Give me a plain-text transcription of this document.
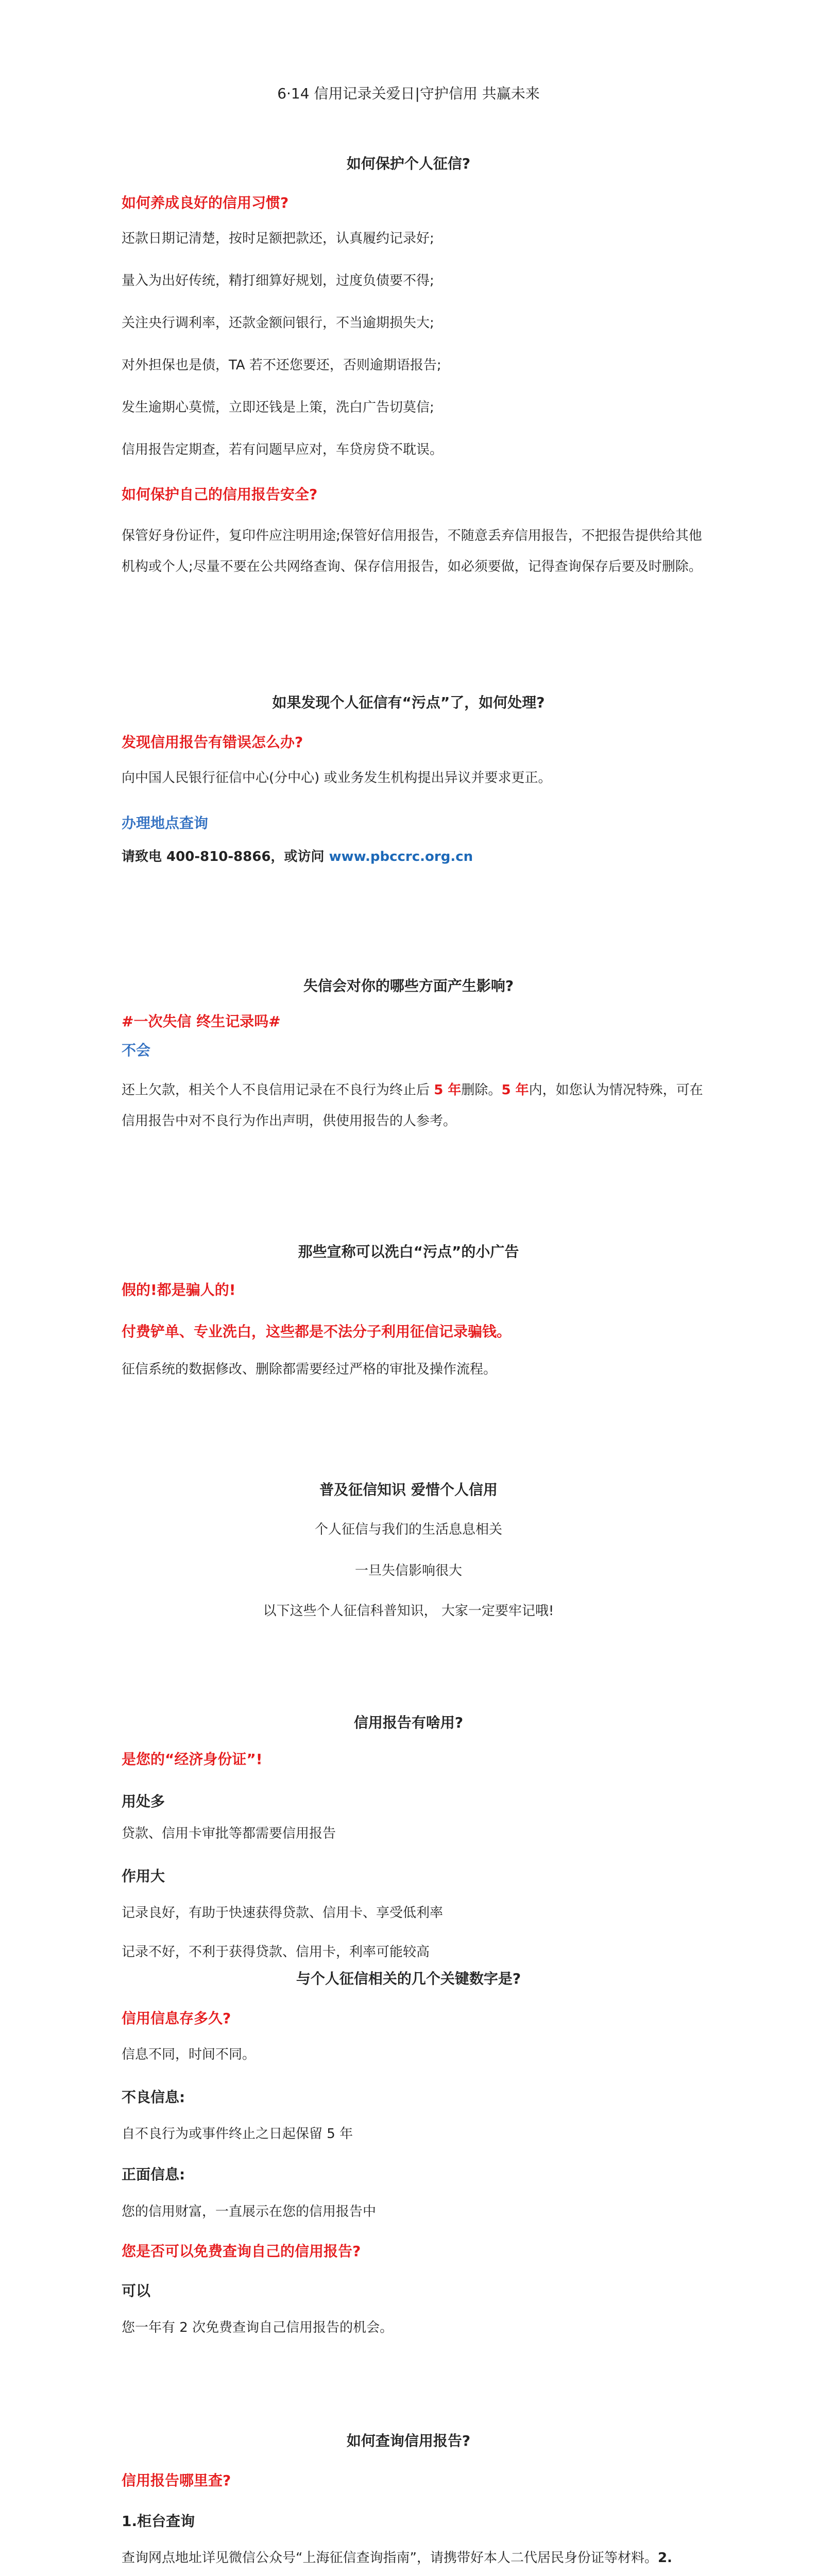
6·14 信用记录关爱日|守护信用 共赢未来
如何保护个人征信?
如何养成良好的信用习惯?
还款日期记清楚，按时足额把款还，认真履约记录好;
量入为出好传统，精打细算好规划，过度负债要不得;
关注央行调利率，还款金额问银行，不当逾期损失大;
对外担保也是债，TA 若不还您要还，否则逾期语报告;
发生逾期心莫慌，立即还钱是上策，洗白广告切莫信;
信用报告定期查，若有问题早应对，车贷房贷不耽误。
如何保护自己的信用报告安全?
保管好身份证件，复印件应注明用途;保管好信用报告，不随意丢弃信用报告，不把报告提供给其他机构或个人;尽量不要在公共网络查询、保存信用报告，如必须要做，记得查询保存后要及时删除。
如果发现个人征信有“污点”了，如何处理?
发现信用报告有错误怎么办?
向中国人民银行征信中心(分中心) 或业务发生机构提出异议并要求更正。
办理地点查询
请致电 400-810-8866，或访问 www.pbccrc.org.cn
失信会对你的哪些方面产生影响?
#一次失信 终生记录吗#
不会
还上欠款，相关个人不良信用记录在不良行为终止后 5 年删除。5 年内，如您认为情况特殊，可在信用报告中对不良行为作出声明，供使用报告的人参考。
那些宣称可以洗白“污点”的小广告
假的!都是骗人的!
付费铲单、专业洗白，这些都是不法分子利用征信记录骗钱。
征信系统的数据修改、删除都需要经过严格的审批及操作流程。
普及征信知识 爱惜个人信用
个人征信与我们的生活息息相关
一旦失信影响很大
以下这些个人征信科普知识， 大家一定要牢记哦!
信用报告有啥用?
是您的“经济身份证”!
用处多
贷款、信用卡审批等都需要信用报告
作用大
记录良好，有助于快速获得贷款、信用卡、享受低利率
记录不好，不利于获得贷款、信用卡，利率可能较高
与个人征信相关的几个关键数字是?
信用信息存多久?
信息不同，时间不同。
不良信息:
自不良行为或事件终止之日起保留 5 年
正面信息:
您的信用财富，一直展示在您的信用报告中
您是否可以免费查询自己的信用报告?
可以
您一年有 2 次免费查询自己信用报告的机会。
如何查询信用报告?
信用报告哪里查?
1.柜台查询
查询网点地址详见微信公众号“上海征信查询指南”，请携带好本人二代居民身份证等材料。2.
